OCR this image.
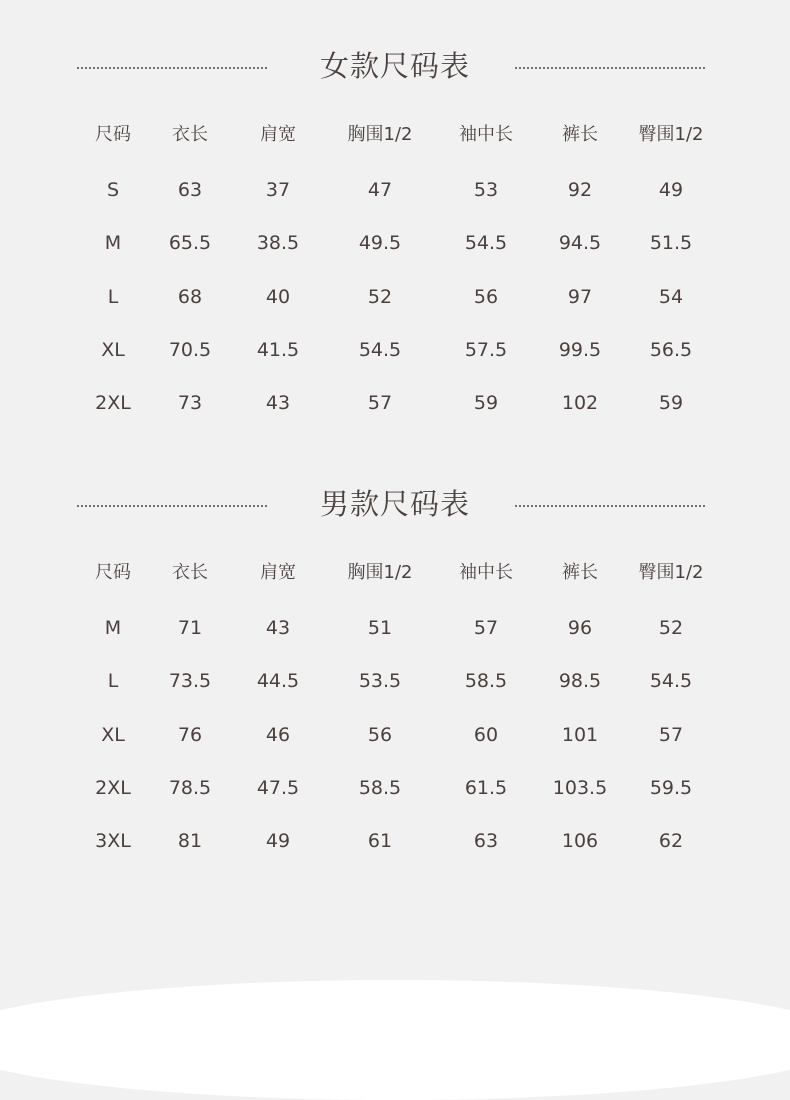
女款尺码表
尺码	衣长	肩宽	胸围1/2	袖中长	裤长	臀围1/2
S	63	37	47	53	92	49
M	65.5	38.5	49.5	54.5	94.5	51.5
L	68	40	52	56	97	54
XL	70.5	41.5	54.5	57.5	99.5	56.5
2XL	73	43	57	59	102	59
男款尺码表
尺码	衣长	肩宽	胸围1/2	袖中长	裤长	臀围1/2
M	71	43	51	57	96	52
L	73.5	44.5	53.5	58.5	98.5	54.5
XL	76	46	56	60	101	57
2XL	78.5	47.5	58.5	61.5	103.5	59.5
3XL	81	49	61	63	106	62
